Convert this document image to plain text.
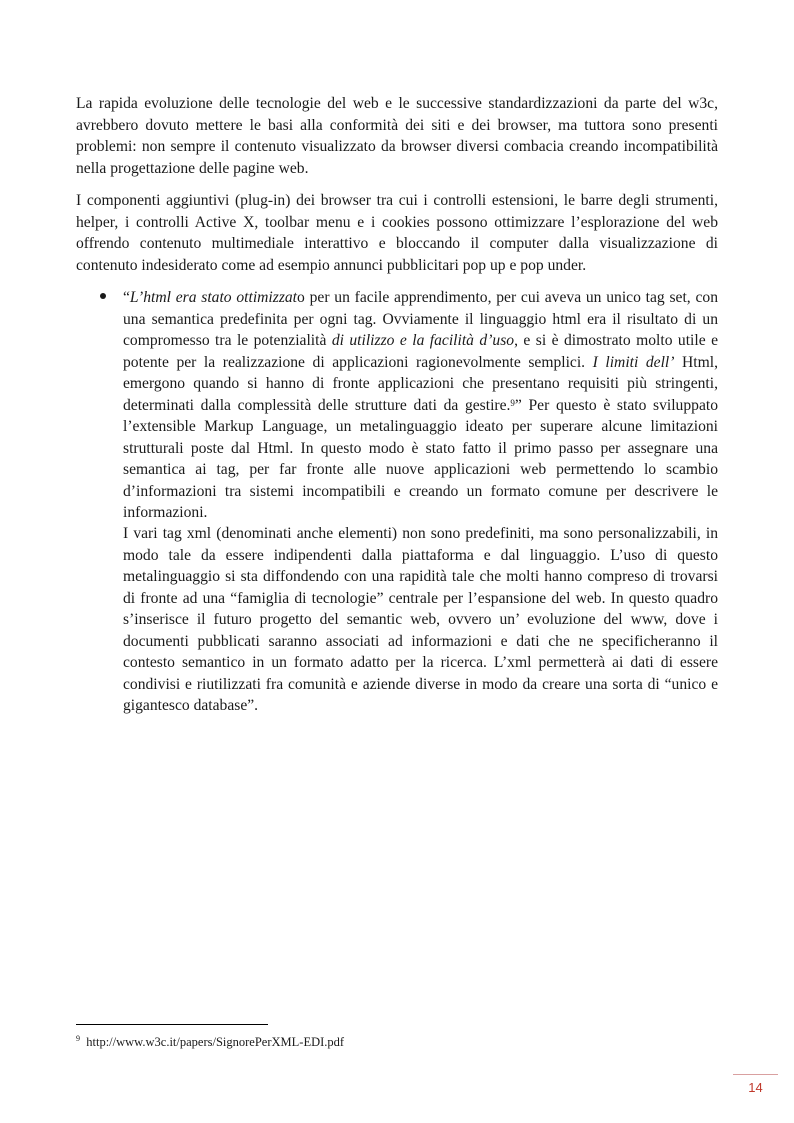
La rapida evoluzione delle tecnologie del web e le successive standardizzazioni da parte del w3c, avrebbero dovuto mettere le basi alla conformità dei siti e dei browser, ma tuttora sono presenti problemi: non sempre il contenuto visualizzato da browser diversi combacia creando incompatibilità nella progettazione delle pagine web.

I componenti aggiuntivi (plug-in) dei browser tra cui i controlli estensioni, le barre degli strumenti, helper, i controlli Active X, toolbar menu e i cookies possono ottimizzare l’esplorazione del web offrendo contenuto multimediale interattivo e bloccando il computer dalla visualizzazione di contenuto indesiderato come ad esempio annunci pubblicitari pop up e pop under.

“L’html era stato ottimizzato per un facile apprendimento, per cui aveva un unico tag set, con una semantica predefinita per ogni tag. Ovviamente il linguaggio html era il risultato di un compromesso tra le potenzialità di utilizzo e la facilità d’uso, e si è dimostrato molto utile e potente per la realizzazione di applicazioni ragionevolmente semplici. I limiti dell’ Html, emergono quando si hanno di fronte applicazioni che presentano requisiti più stringenti, determinati dalla complessità delle strutture dati da gestire.$^9$” Per questo è stato sviluppato l’extensible Markup Language, un metalinguaggio ideato per superare alcune limitazioni strutturali poste dal Html. In questo modo è stato fatto il primo passo per assegnare una semantica ai tag, per far fronte alle nuove applicazioni web permettendo lo scambio d’informazioni tra sistemi incompatibili e creando un formato comune per descrivere le informazioni.

I vari tag xml (denominati anche elementi) non sono predefiniti, ma sono personalizzabili, in modo tale da essere indipendenti dalla piattaforma e dal linguaggio. L’uso di questo metalinguaggio si sta diffondendo con una rapidità tale che molti hanno compreso di trovarsi di fronte ad una “famiglia di tecnologie” centrale per l’espansione del web. In questo quadro s’inserisce il futuro progetto del semantic web, ovvero un’ evoluzione del www, dove i documenti pubblicati saranno associati ad informazioni e dati che ne specificheranno il contesto semantico in un formato adatto per la ricerca. L’xml permetterà ai dati di essere condivisi e riutilizzati fra comunità e aziende diverse in modo da creare una sorta di “unico e gigantesco database”.

$^9$ http://www.w3c.it/papers/SignorePerXML-EDI.pdf
14
